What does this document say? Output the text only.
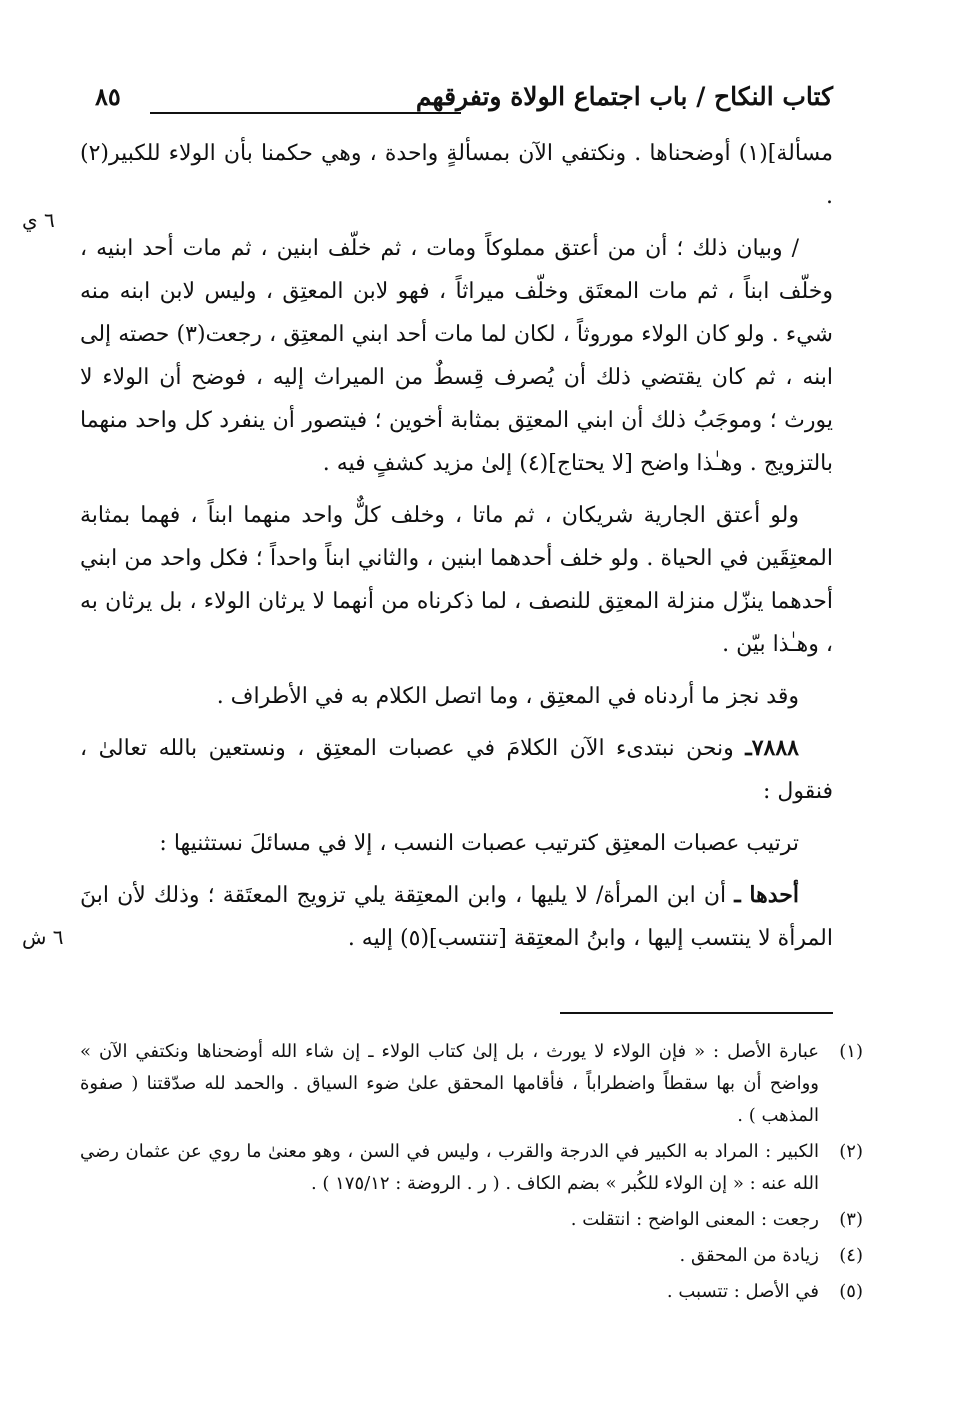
كتاب النكاح / باب اجتماع الولاة وتفرقهم
٨٥
٦ ي
٦ ش

مسألة](١) أوضحناها . ونكتفي الآن بمسألةٍ واحدة ، وهي حكمنا بأن الولاء للكبير(٢) .

/ وبيان ذلك ؛ أن من أعتق مملوكاً ومات ، ثم خلّف ابنين ، ثم مات أحد ابنيه ، وخلّف ابناً ، ثم مات المعتَق وخلّف ميراثاً ، فهو لابن المعتِق ، وليس لابن ابنه منه شيء . ولو كان الولاء موروثاً ، لكان لما مات أحد ابني المعتِق ، رجعت(٣) حصته إلى ابنه ، ثم كان يقتضي ذلك أن يُصرف قِسطٌ من الميراث إليه ، فوضح أن الولاء لا يورث ؛ وموجَبُ ذلك أن ابني المعتِق بمثابة أخوين ؛ فيتصور أن ينفرد كل واحد منهما بالتزويج . وهـٰذا واضح [لا يحتاج](٤) إلىٰ مزيد كشفٍ فيه .

ولو أعتق الجارية شريكان ، ثم ماتا ، وخلف كلٌّ واحد منهما ابناً ، فهما بمثابة المعتِقَين في الحياة . ولو خلف أحدهما ابنين ، والثاني ابناً واحداً ؛ فكل واحد من ابني أحدهما ينزّل منزلة المعتِق للنصف ، لما ذكرناه من أنهما لا يرثان الولاء ، بل يرثان به ، وهـٰذا بيّن .

وقد نجز ما أردناه في المعتِق ، وما اتصل الكلام به في الأطراف .

٧٨٨٨ـ ونحن نبتدىء الآن الكلامَ في عصبات المعتِق ، ونستعين بالله تعالىٰ ، فنقول :

ترتيب عصبات المعتِق كترتيب عصبات النسب ، إلا في مسائلَ نستثنيها :

أحدها ـ أن ابن المرأة/ لا يليها ، وابن المعتِقة يلي تزويج المعتَقة ؛ وذلك لأن ابنَ المرأة لا ينتسب إليها ، وابنُ المعتِقة [تنتسب](٥) إليه .

(١)
عبارة الأصل : « فإن الولاء لا يورث ، بل إلىٰ كتاب الولاء ـ إن شاء الله أوضحناها ونكتفي الآن » وواضح أن بها سقطاً واضطراباً ، فأقامها المحقق علىٰ ضوء السياق . والحمد لله صدّقتنا ( صفوة المذهب ) .
(٢)
الكبير : المراد به الكبير في الدرجة والقرب ، وليس في السن ، وهو معنىٰ ما روي عن عثمان رضي الله عنه : « إن الولاء للكُبر » بضم الكاف . ( ر . الروضة : ١٧٥/١٢ ) .
(٣)
رجعت : المعنى الواضح : انتقلت .
(٤)
زيادة من المحقق .
(٥)
في الأصل : تتسبب .
